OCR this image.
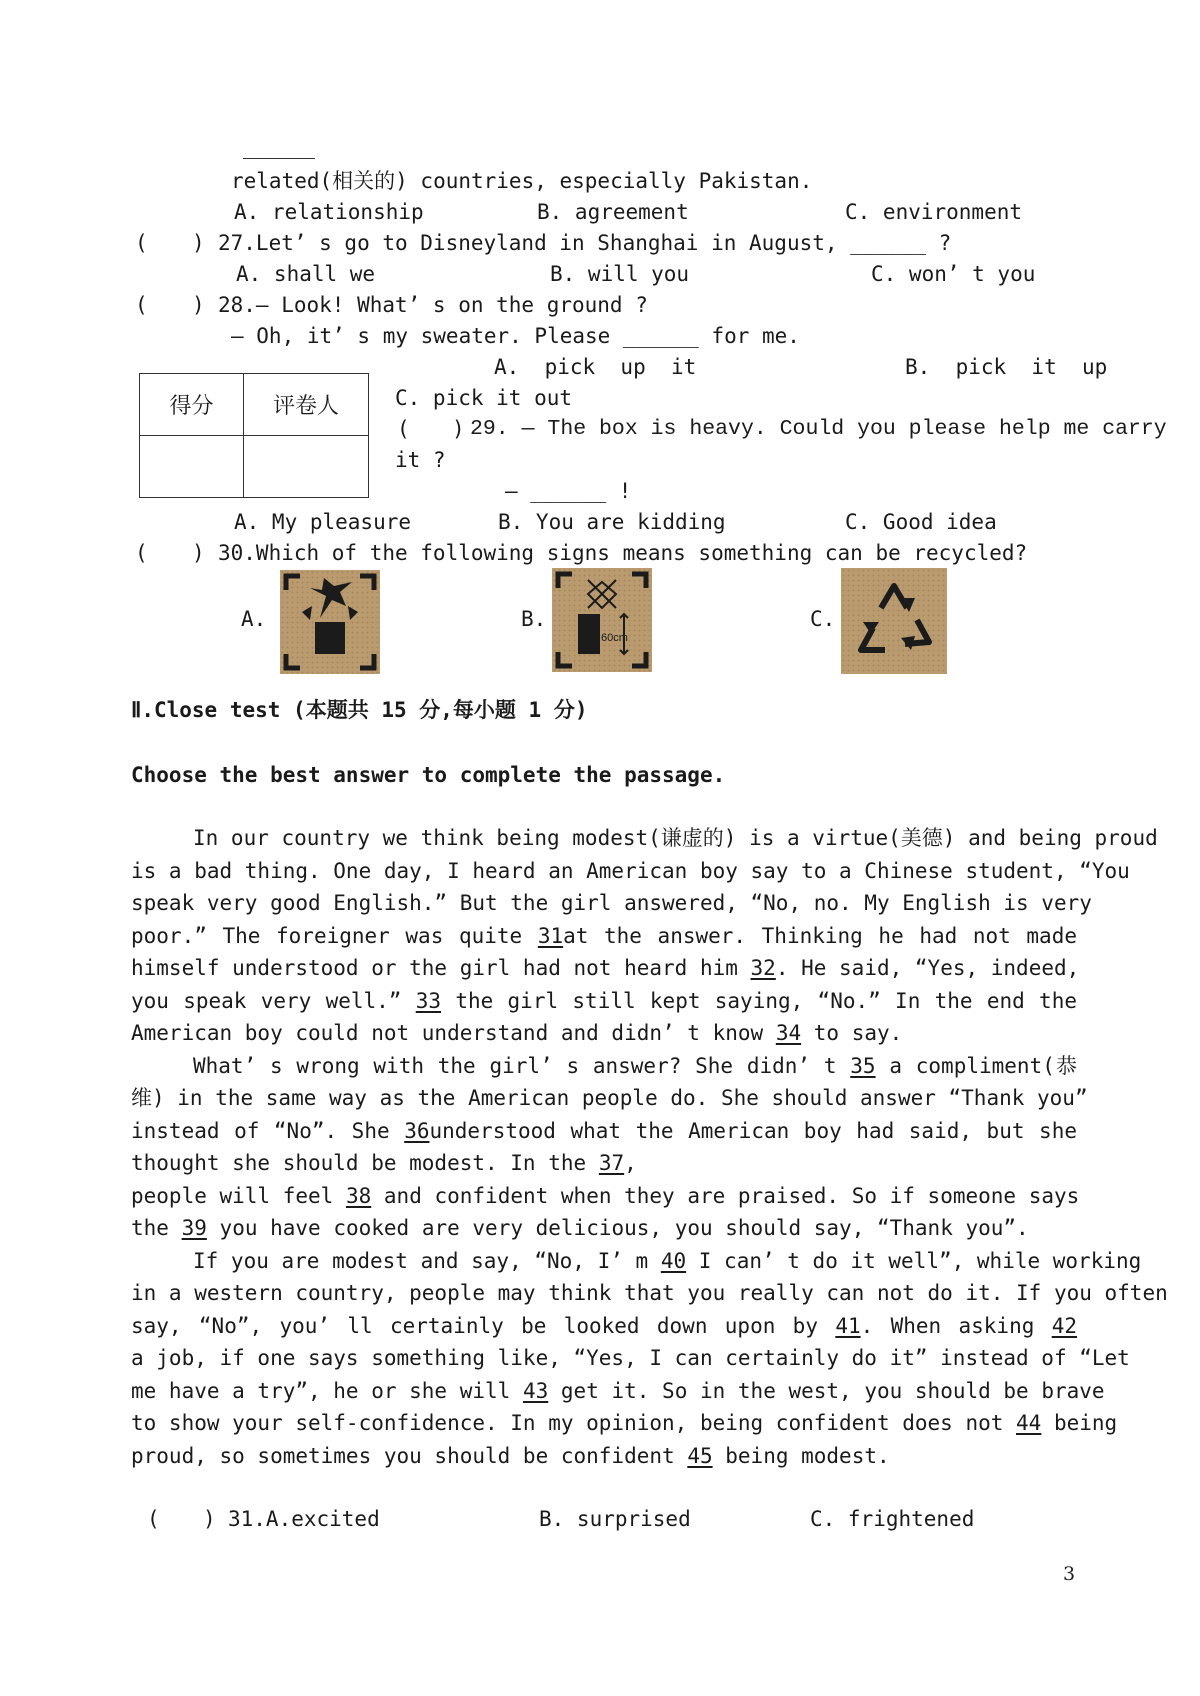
related(相关的) countries, especially Pakistan.
A. relationship	B. agreement	C. environment
( ) 27.Let’ s go to Disneyland in Shanghai in August, ______ ?
A. shall we	B. will you	C. won’ t you
( ) 28.— Look! What’ s on the ground ?
— Oh, it’ s my sweater. Please ______ for me.
A.  pick  up  it	B.  pick  it  up
C. pick it out
得分	评卷人

( ) 29. — The box is heavy. Could you please help me carry
it ?
— ______ !
A. My pleasure	B. You are kidding	C. Good idea
( ) 30.Which of the following signs means something can be recycled?
A.	B.
60cm
C.
Ⅱ.Close test (本题共 15 分,每小题 1 分)
Choose the best answer to complete the passage.
In our country we think being modest(谦虚的) is a virtue(美德) and being proud
is a bad thing. One day, I heard an American boy say to a Chinese student, “You
speak very good English.” But the girl answered, “No, no. My English is very
poor.” The foreigner was quite 31at the answer. Thinking he had not made
himself understood or the girl had not heard him 32. He said, “Yes, indeed,
you speak very well.” 33 the girl still kept saying, “No.” In the end the
American boy could not understand and didn’ t know 34 to say.
What’ s wrong with the girl’ s answer? She didn’ t 35 a compliment(恭
维) in the same way as the American people do. She should answer “Thank you”
instead of “No”. She 36understood what the American boy had said, but she
thought she should be modest. In the 37,
people will feel 38 and confident when they are praised. So if someone says
the 39 you have cooked are very delicious, you should say, “Thank you”.
If you are modest and say, “No, I’ m 40 I can’ t do it well”, while working
in a western country, people may think that you really can not do it. If you often
say, “No”, you’ ll certainly be looked down upon by 41. When asking 42
a job, if one says something like, “Yes, I can certainly do it” instead of “Let
me have a try”, he or she will 43 get it. So in the west, you should be brave
to show your self-confidence. In my opinion, being confident does not 44 being
proud, so sometimes you should be confident 45 being modest.
( ) 31.A.excited	B. surprised	C. frightened
3
